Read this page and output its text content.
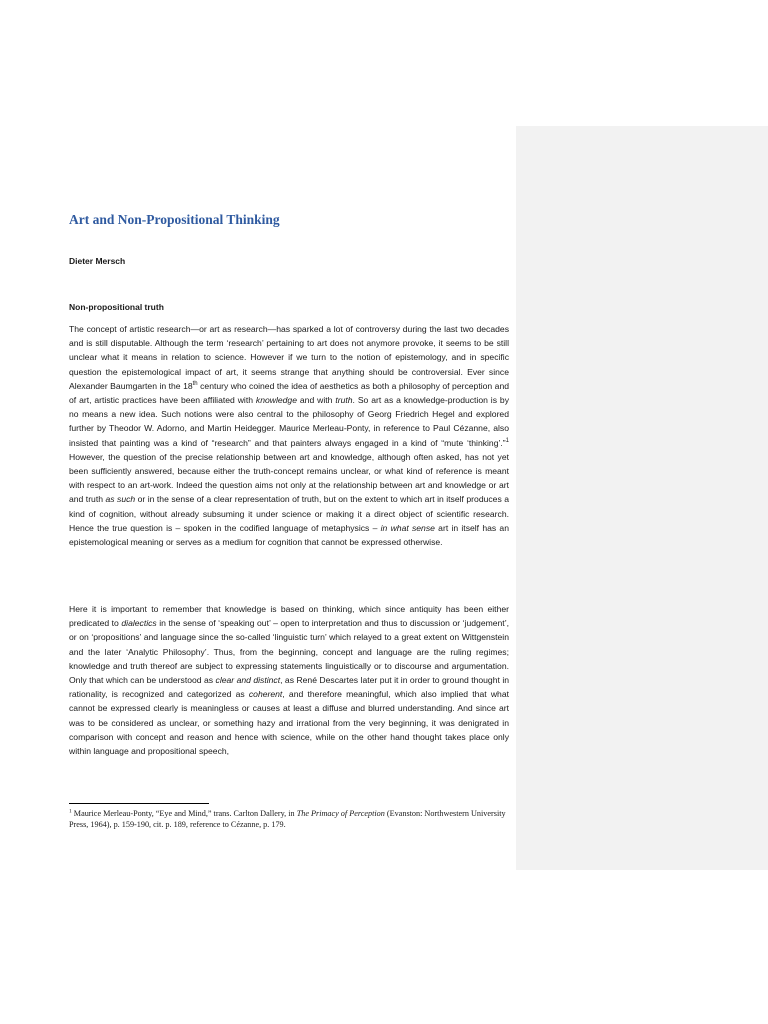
Art and Non-Propositional Thinking
Dieter Mersch
Non-propositional truth

The concept of artistic research—or art as research—has sparked a lot of controversy during the last two decades and is still disputable. Although the term ‘research’ pertaining to art does not anymore provoke, it seems to be still unclear what it means in relation to science. However if we turn to the notion of epistemology, and in specific question the epistemological impact of art, it seems strange that anything should be controversial. Ever since Alexander Baumgarten in the 18th century who coined the idea of aesthetics as both a philosophy of perception and of art, artistic practices have been affiliated with knowledge and with truth. So art as a knowledge-production is by no means a new idea. Such notions were also central to the philosophy of Georg Friedrich Hegel and explored further by Theodor W. Adorno, and Martin Heidegger. Maurice Merleau-Ponty, in reference to Paul Cézanne, also insisted that painting was a kind of “research” and that painters always engaged in a kind of “mute ‘thinking’.”$^1$ However, the question of the precise relationship between art and knowledge, although often asked, has not yet been sufficiently answered, because either the truth-concept remains unclear, or what kind of reference is meant with respect to an art-work. Indeed the question aims not only at the relationship between art and knowledge or art and truth as such or in the sense of a clear representation of truth, but on the extent to which art in itself produces a kind of cognition, without already subsuming it under science or making it a direct object of scientific research. Hence the true question is – spoken in the codified language of metaphysics – in what sense art in itself has an epistemological meaning or serves as a medium for cognition that cannot be expressed otherwise.

Here it is important to remember that knowledge is based on thinking, which since antiquity has been either predicated to dialectics in the sense of ‘speaking out’ – open to interpretation and thus to discussion or ‘judgement’, or on ‘propositions’ and language since the so-called ‘linguistic turn’ which relayed to a great extent on Wittgenstein and the later ‘Analytic Philosophy’. Thus, from the beginning, concept and language are the ruling regimes; knowledge and truth thereof are subject to expressing statements linguistically or to discourse and argumentation. Only that which can be understood as clear and distinct, as René Descartes later put it in order to ground thought in rationality, is recognized and categorized as coherent, and therefore meaningful, which also implied that what cannot be expressed clearly is meaningless or causes at least a diffuse and blurred understanding. And since art was to be considered as unclear, or something hazy and irrational from the very beginning, it was denigrated in comparison with concept and reason and hence with science, while on the other hand thought takes place only within language and propositional speech,

$^1$ Maurice Merleau-Ponty, “Eye and Mind,” trans. Carlton Dallery, in The Primacy of Perception (Evanston: Northwestern University Press, 1964), p. 159-190, cit. p. 189, reference to Cézanne, p. 179.
